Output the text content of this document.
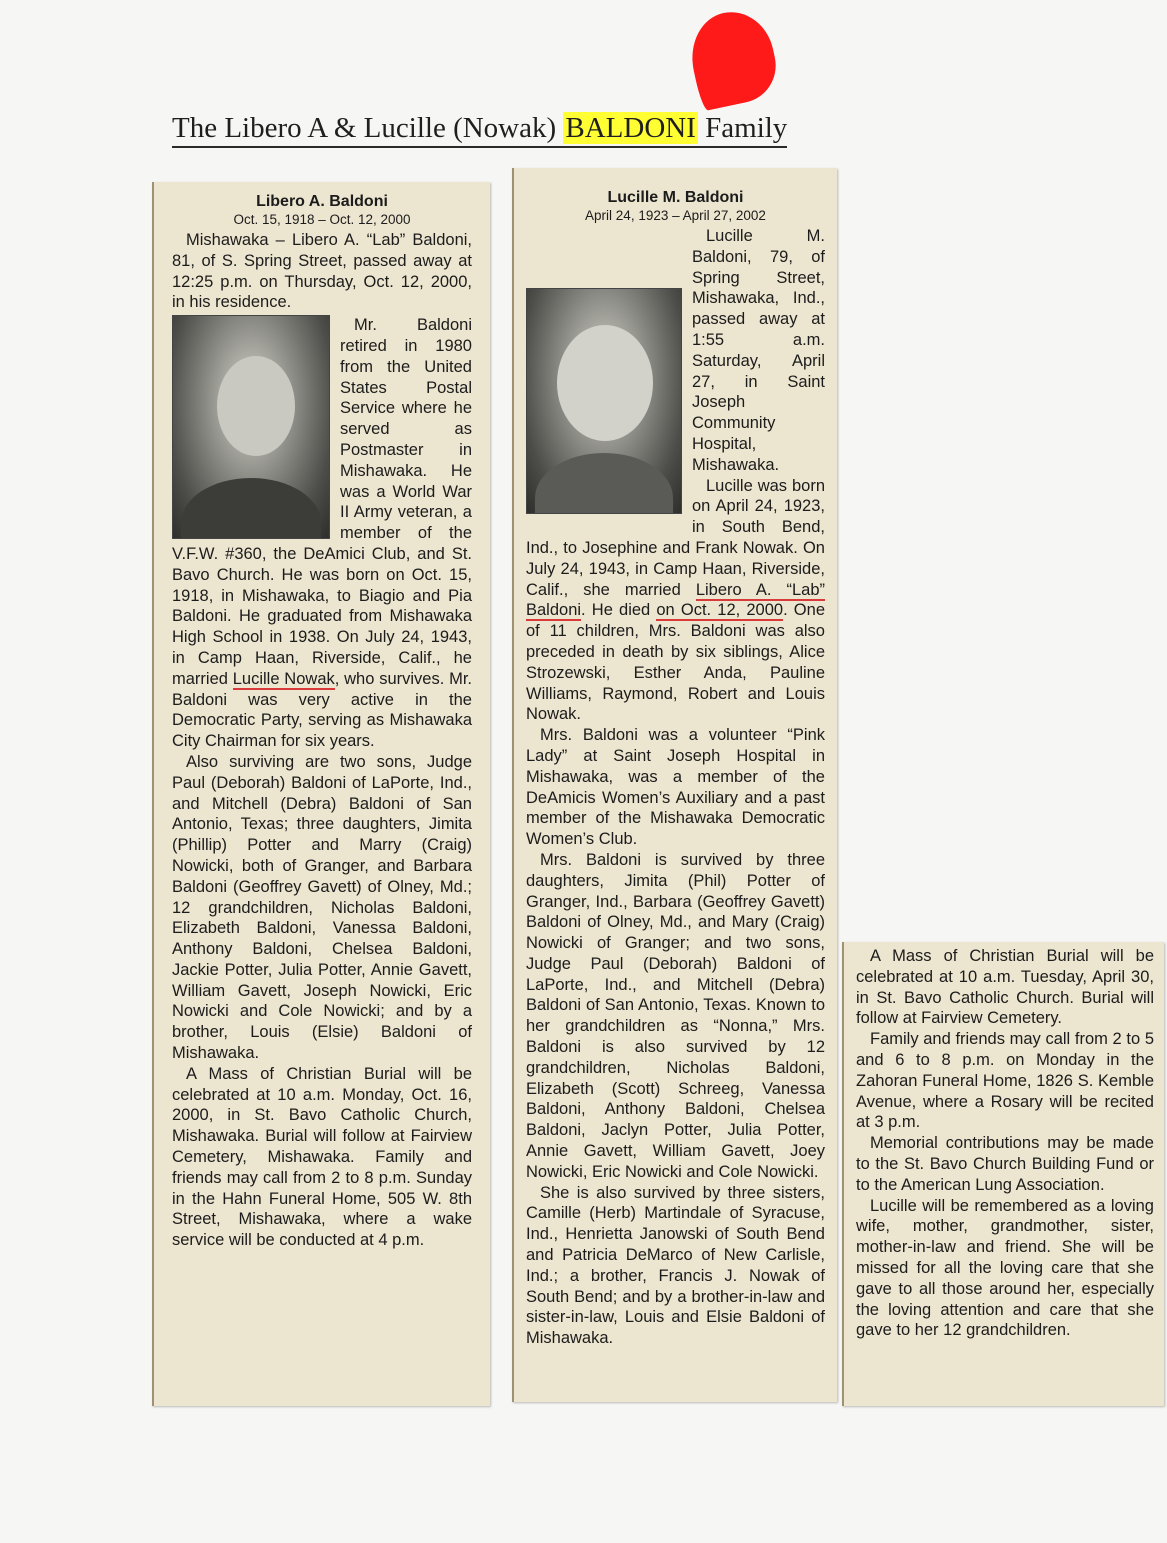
The Libero A & Lucille (Nowak) BALDONI Family
Libero A. Baldoni
Oct. 15, 1918 – Oct. 12, 2000

Mishawaka – Libero A. “Lab” Baldoni, 81, of S. Spring Street, passed away at 12:25 p.m. on Thursday, Oct. 12, 2000, in his residence.

Mr. Baldoni retired in 1980 from the United States Postal Service where he served as Postmaster in Mishawaka. He was a World War II Army veteran, a member of the V.F.W. #360, the DeAmici Club, and St. Bavo Church. He was born on Oct. 15, 1918, in Mishawaka, to Biagio and Pia Baldoni. He graduated from Mishawaka High School in 1938. On July 24, 1943, in Camp Haan, Riverside, Calif., he married Lucille Nowak, who survives. Mr. Baldoni was very active in the Democratic Party, serving as Mishawaka City Chairman for six years.

Also surviving are two sons, Judge Paul (Deborah) Baldoni of LaPorte, Ind., and Mitchell (Debra) Baldoni of San Antonio, Texas; three daughters, Jimita (Phillip) Potter and Marry (Craig) Nowicki, both of Granger, and Barbara Baldoni (Geoffrey Gavett) of Olney, Md.; 12 grandchildren, Nicholas Baldoni, Elizabeth Baldoni, Vanessa Baldoni, Anthony Baldoni, Chelsea Baldoni, Jackie Potter, Julia Potter, Annie Gavett, William Gavett, Joseph Nowicki, Eric Nowicki and Cole Nowicki; and by a brother, Louis (Elsie) Baldoni of Mishawaka.

A Mass of Christian Burial will be celebrated at 10 a.m. Monday, Oct. 16, 2000, in St. Bavo Catholic Church, Mishawaka. Burial will follow at Fairview Cemetery, Mishawaka. Family and friends may call from 2 to 8 p.m. Sunday in the Hahn Funeral Home, 505 W. 8th Street, Mishawaka, where a wake service will be conducted at 4 p.m.

Lucille M. Baldoni
April 24, 1923 – April 27, 2002

Lucille M. Baldoni, 79, of Spring Street, Mishawaka, Ind., passed away at 1:55 a.m. Saturday, April 27, in Saint Joseph Community Hospital, Mishawaka.

Lucille was born on April 24, 1923, in South Bend, Ind., to Josephine and Frank Nowak. On July 24, 1943, in Camp Haan, Riverside, Calif., she married Libero A. “Lab” Baldoni. He died on Oct. 12, 2000. One of 11 children, Mrs. Baldoni was also preceded in death by six siblings, Alice Strozewski, Esther Anda, Pauline Williams, Raymond, Robert and Louis Nowak.

Mrs. Baldoni was a volunteer “Pink Lady” at Saint Joseph Hospital in Mishawaka, was a member of the DeAmicis Women’s Auxiliary and a past member of the Mishawaka Democratic Women’s Club.

Mrs. Baldoni is survived by three daughters, Jimita (Phil) Potter of Granger, Ind., Barbara (Geoffrey Gavett) Baldoni of Olney, Md., and Mary (Craig) Nowicki of Granger; and two sons, Judge Paul (Deborah) Baldoni of LaPorte, Ind., and Mitchell (Debra) Baldoni of San Antonio, Texas. Known to her grandchildren as “Nonna,” Mrs. Baldoni is also survived by 12 grandchildren, Nicholas Baldoni, Elizabeth (Scott) Schreeg, Vanessa Baldoni, Anthony Baldoni, Chelsea Baldoni, Jaclyn Potter, Julia Potter, Annie Gavett, William Gavett, Joey Nowicki, Eric Nowicki and Cole Nowicki.

She is also survived by three sisters, Camille (Herb) Martindale of Syracuse, Ind., Henrietta Janowski of South Bend and Patricia DeMarco of New Carlisle, Ind.; a brother, Francis J. Nowak of South Bend; and by a brother-in-law and sister-in-law, Louis and Elsie Baldoni of Mishawaka.

A Mass of Christian Burial will be celebrated at 10 a.m. Tuesday, April 30, in St. Bavo Catholic Church. Burial will follow at Fairview Cemetery.

Family and friends may call from 2 to 5 and 6 to 8 p.m. on Monday in the Zahoran Funeral Home, 1826 S. Kemble Avenue, where a Rosary will be recited at 3 p.m.

Memorial contributions may be made to the St. Bavo Church Building Fund or to the American Lung Association.

Lucille will be remembered as a loving wife, mother, grandmother, sister, mother-in-law and friend. She will be missed for all the loving care that she gave to all those around her, especially the loving attention and care that she gave to her 12 grandchildren.
